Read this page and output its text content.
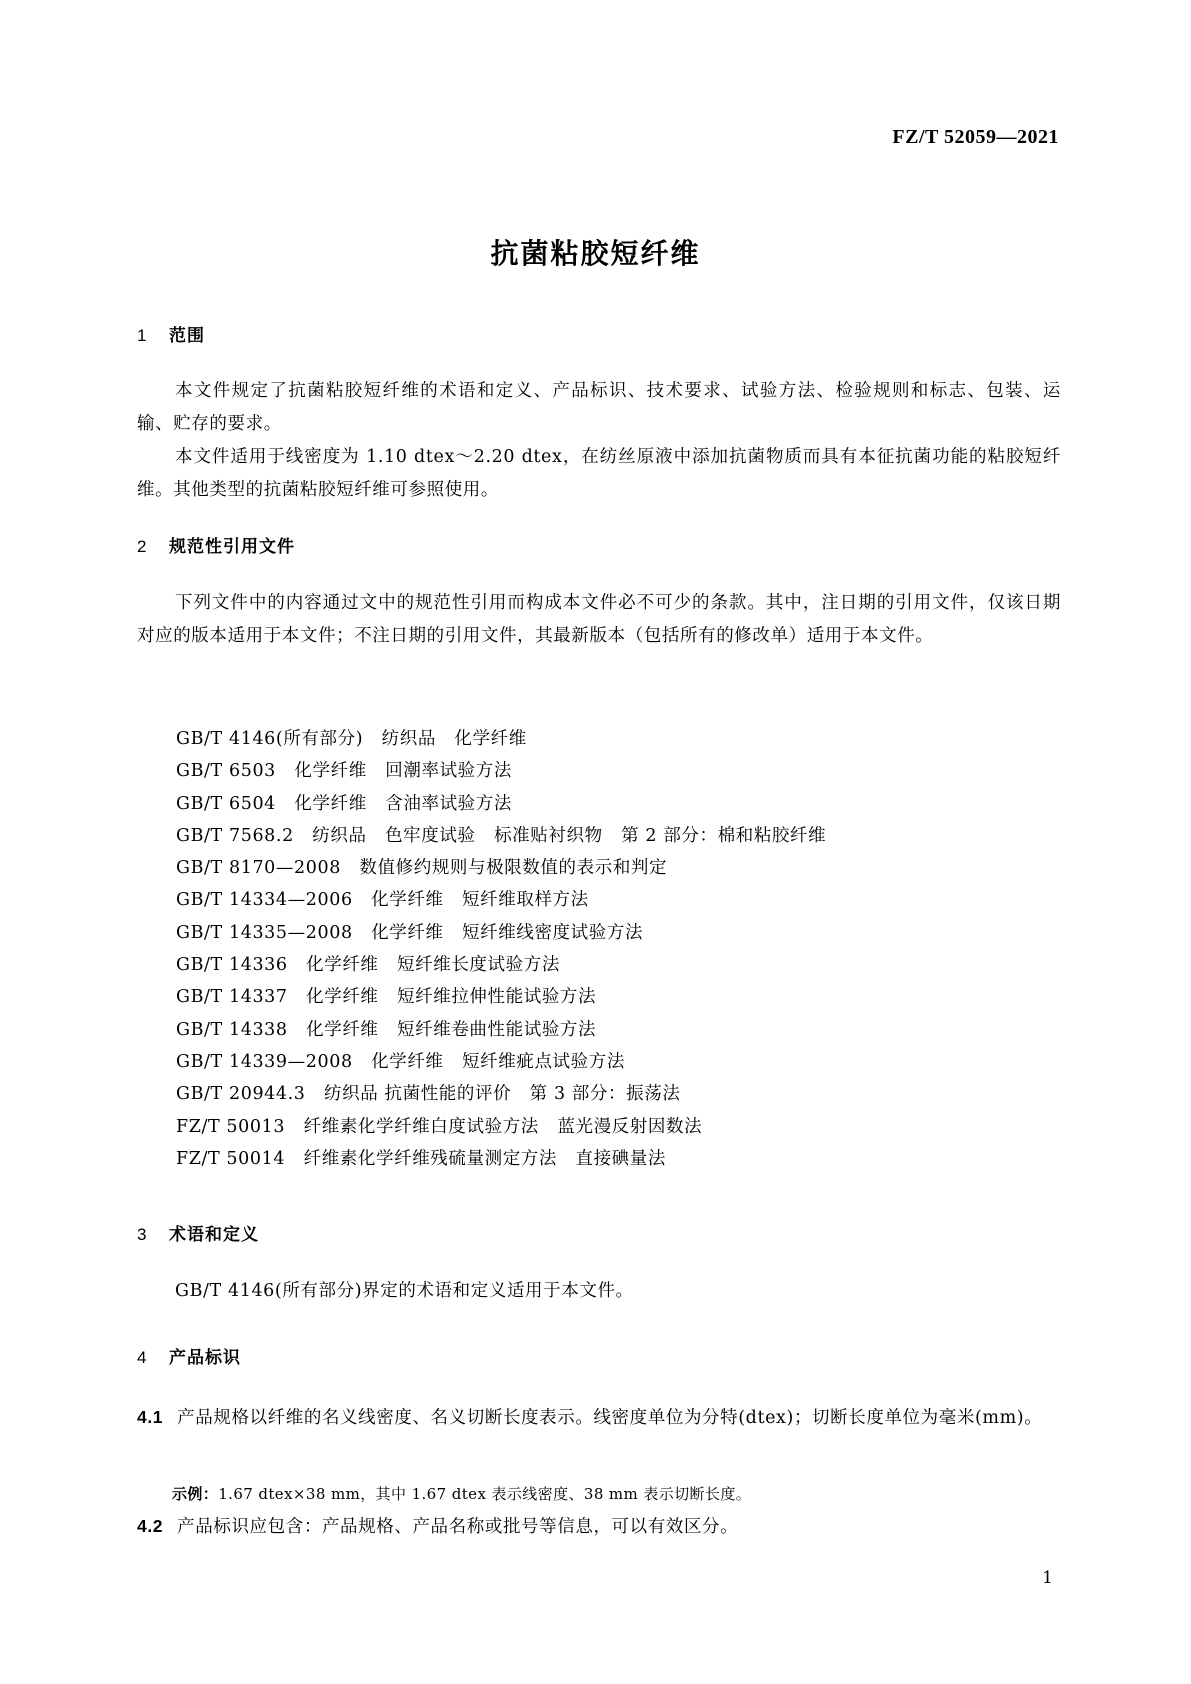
FZ/T 52059—2021
抗菌粘胶短纤维
1 范围
本文件规定了抗菌粘胶短纤维的术语和定义、产品标识、技术要求、试验方法、检验规则和标志、包装、运输、贮存的要求。
本文件适用于线密度为 1.10 dtex～2.20 dtex，在纺丝原液中添加抗菌物质而具有本征抗菌功能的粘胶短纤维。其他类型的抗菌粘胶短纤维可参照使用。
2 规范性引用文件
下列文件中的内容通过文中的规范性引用而构成本文件必不可少的条款。其中，注日期的引用文件，仅该日期对应的版本适用于本文件；不注日期的引用文件，其最新版本（包括所有的修改单）适用于本文件。
GB/T 4146(所有部分)   纺织品   化学纤维
GB/T 6503   化学纤维   回潮率试验方法
GB/T 6504   化学纤维   含油率试验方法
GB/T 7568.2   纺织品   色牢度试验   标准贴衬织物   第 2 部分：棉和粘胶纤维
GB/T 8170—2008   数值修约规则与极限数值的表示和判定
GB/T 14334—2006   化学纤维   短纤维取样方法
GB/T 14335—2008   化学纤维   短纤维线密度试验方法
GB/T 14336   化学纤维   短纤维长度试验方法
GB/T 14337   化学纤维   短纤维拉伸性能试验方法
GB/T 14338   化学纤维   短纤维卷曲性能试验方法
GB/T 14339—2008   化学纤维   短纤维疵点试验方法
GB/T 20944.3   纺织品 抗菌性能的评价   第 3 部分：振荡法
FZ/T 50013   纤维素化学纤维白度试验方法   蓝光漫反射因数法
FZ/T 50014   纤维素化学纤维残硫量测定方法   直接碘量法
3 术语和定义
GB/T 4146(所有部分)界定的术语和定义适用于本文件。
4 产品标识
4.1 产品规格以纤维的名义线密度、名义切断长度表示。线密度单位为分特(dtex)；切断长度单位为毫米(mm)。
示例：1.67 dtex×38 mm，其中 1.67 dtex 表示线密度、38 mm 表示切断长度。
4.2 产品标识应包含：产品规格、产品名称或批号等信息，可以有效区分。
1
